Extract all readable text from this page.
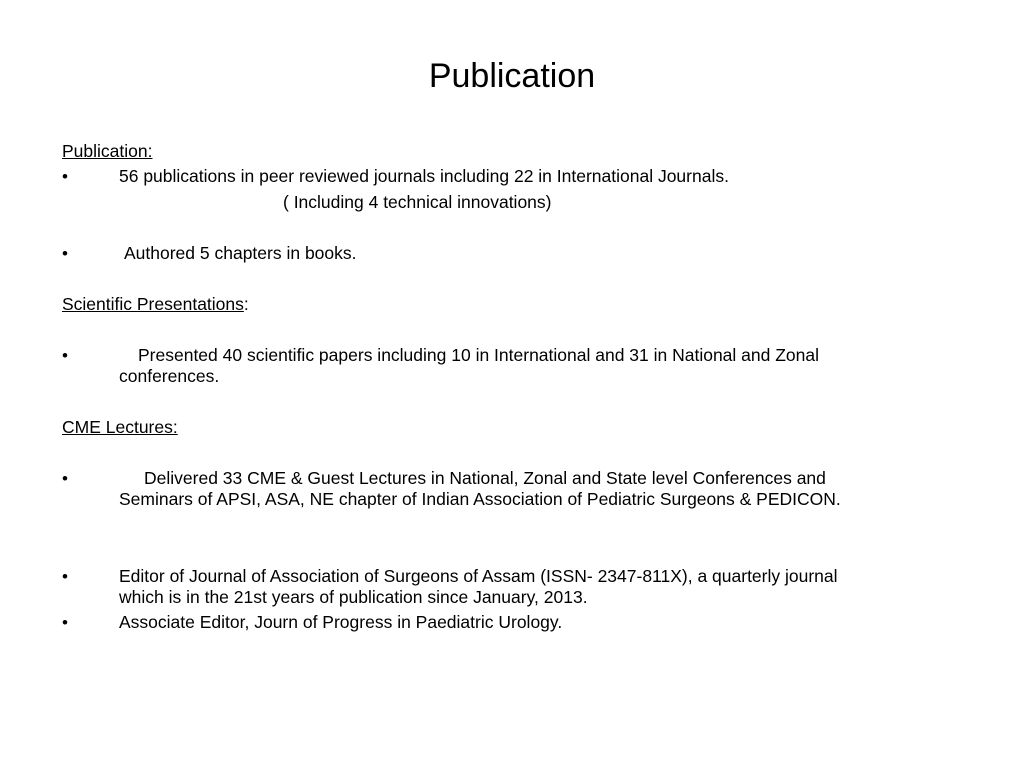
Publication
Publication:
•	56 publications in peer reviewed journals including 22 in International Journals.
( Including 4 technical innovations)
•	Authored 5 chapters in books.
Scientific Presentations:
•	Presented 40 scientific papers including 10 in International and 31 in National and Zonal
conferences.
CME Lectures:
•	Delivered 33 CME & Guest Lectures in National, Zonal and State level Conferences and
Seminars of APSI, ASA, NE chapter of Indian Association of Pediatric Surgeons & PEDICON.
•	Editor of Journal of Association of Surgeons of Assam (ISSN- 2347-811X), a quarterly journal
which is in the 21st years of publication since January, 2013.
•	Associate Editor, Journ of Progress in Paediatric Urology.
